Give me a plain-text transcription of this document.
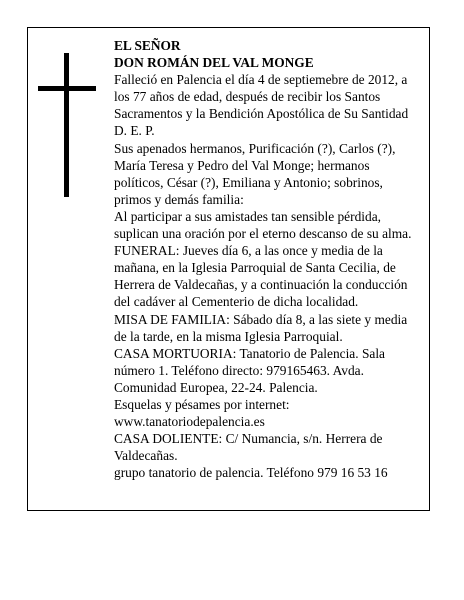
EL SEÑOR

DON ROMÁN DEL VAL MONGE

Falleció en Palencia el día 4 de septiemebre de 2012, a
los 77 años de edad, después de recibir los Santos
Sacramentos y la Bendición Apostólica de Su Santidad
D. E. P.

Sus apenados hermanos, Purificación (?), Carlos (?),
María Teresa y Pedro del Val Monge; hermanos
políticos, César (?), Emiliana y Antonio; sobrinos,
primos y demás familia:

Al participar a sus amistades tan sensible pérdida,
suplican una oración por el eterno descanso de su alma.

FUNERAL: Jueves día 6, a las once y media de la
mañana, en la Iglesia Parroquial de Santa Cecilia, de
Herrera de Valdecañas, y a continuación la conducción
del cadáver al Cementerio de dicha localidad.

MISA DE FAMILIA: Sábado día 8, a las siete y media
de la tarde, en la misma Iglesia Parroquial.

CASA MORTUORIA: Tanatorio de Palencia. Sala
número 1. Teléfono directo: 979165463. Avda.
Comunidad Europea, 22-24. Palencia.

Esquelas y pésames por internet:
www.tanatoriodepalencia.es

CASA DOLIENTE: C/ Numancia, s/n. Herrera de
Valdecañas.

grupo tanatorio de palencia. Teléfono 979 16 53 16
